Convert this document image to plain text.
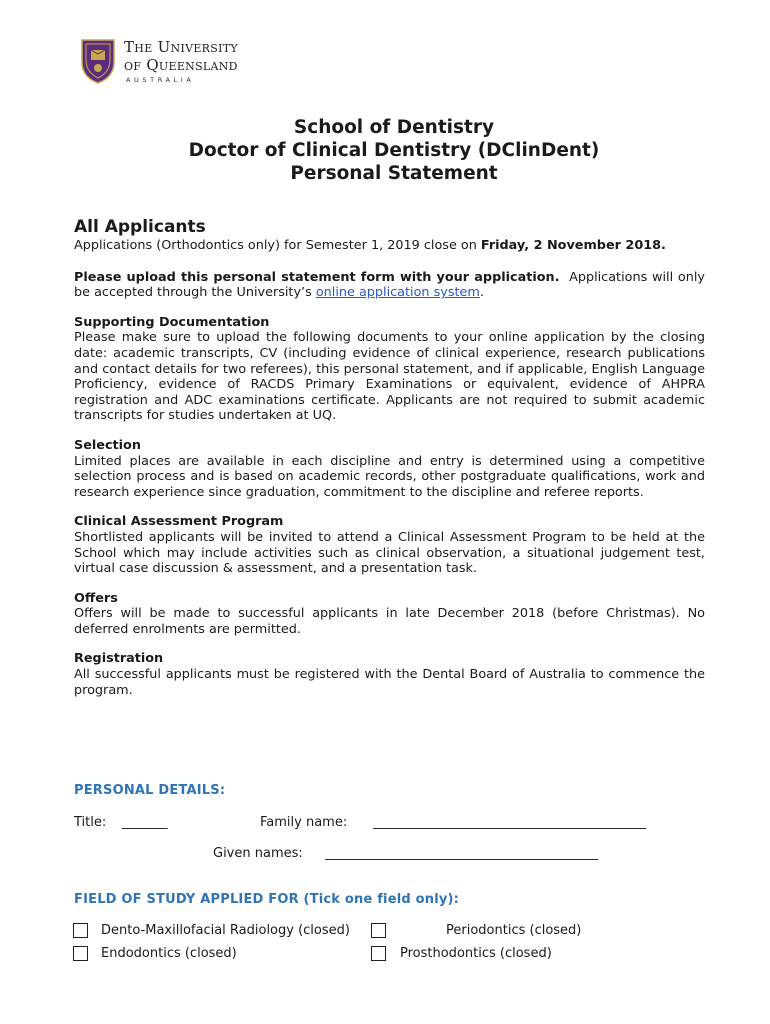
The University
of Queensland
AUSTRALIA
School of Dentistry
Doctor of Clinical Dentistry (DClinDent)
Personal Statement
All Applicants

Applications (Orthodontics only) for Semester 1, 2019 close on Friday, 2 November 2018.

Please upload this personal statement form with your application. Applications will only be accepted through the University’s online application system.

Supporting Documentation

Please make sure to upload the following documents to your online application by the closing date: academic transcripts, CV (including evidence of clinical experience, research publications and contact details for two referees), this personal statement, and if applicable, English Language Proficiency, evidence of RACDS Primary Examinations or equivalent, evidence of AHPRA registration and ADC examinations certificate. Applicants are not required to submit academic transcripts for studies undertaken at UQ.

Selection

Limited places are available in each discipline and entry is determined using a competitive selection process and is based on academic records, other postgraduate qualifications, work and research experience since graduation, commitment to the discipline and referee reports.

Clinical Assessment Program

Shortlisted applicants will be invited to attend a Clinical Assessment Program to be held at the School which may include activities such as clinical observation, a situational judgement test, virtual case discussion & assessment, and a presentation task.

Offers

Offers will be made to successful applicants in late December 2018 (before Christmas). No deferred enrolments are permitted.

Registration

All successful applicants must be registered with the Dental Board of Australia to commence the program.

PERSONAL DETAILS:
Title: _______	Family name: __________________________________________
Given names: __________________________________________
FIELD OF STUDY APPLIED FOR (Tick one field only):
Dento-Maxillofacial Radiology (closed)	Periodontics (closed)
Endodontics (closed)	Prosthodontics (closed)
